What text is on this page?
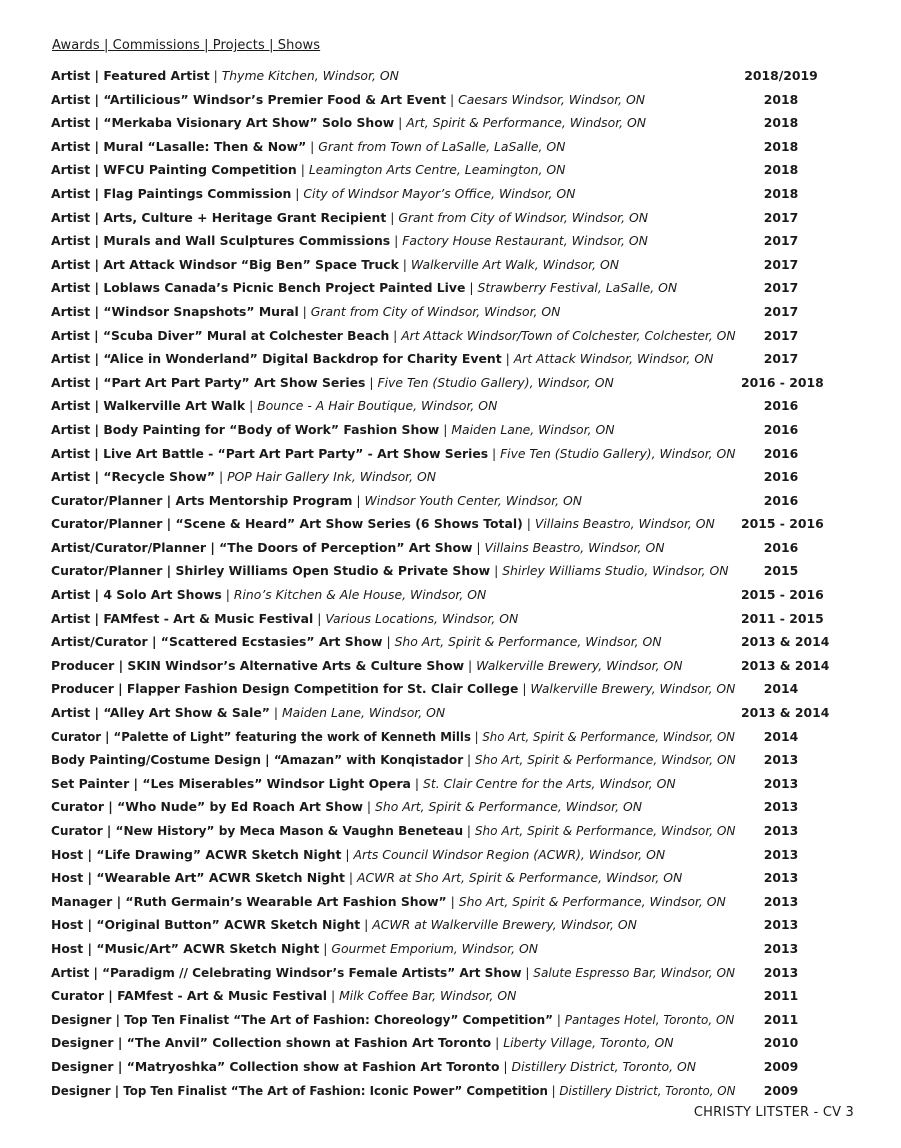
Awards | Commissions | Projects | Shows
Artist | Featured Artist | Thyme Kitchen, Windsor, ON	2018/2019
Artist | “Artilicious” Windsor’s Premier Food & Art Event | Caesars Windsor, Windsor, ON	2018
Artist | “Merkaba Visionary Art Show” Solo Show | Art, Spirit & Performance, Windsor, ON	2018
Artist | Mural “Lasalle: Then & Now” | Grant from Town of LaSalle, LaSalle, ON	2018
Artist | WFCU Painting Competition | Leamington Arts Centre, Leamington, ON	2018
Artist | Flag Paintings Commission | City of Windsor Mayor’s Office, Windsor, ON	2018
Artist | Arts, Culture + Heritage Grant Recipient | Grant from City of Windsor, Windsor, ON	2017
Artist | Murals and Wall Sculptures Commissions | Factory House Restaurant, Windsor, ON	2017
Artist | Art Attack Windsor “Big Ben” Space Truck | Walkerville Art Walk, Windsor, ON	2017
Artist | Loblaws Canada’s Picnic Bench Project Painted Live | Strawberry Festival, LaSalle, ON	2017
Artist | “Windsor Snapshots” Mural | Grant from City of Windsor, Windsor, ON	2017
Artist | “Scuba Diver” Mural at Colchester Beach | Art Attack Windsor/Town of Colchester, Colchester, ON	2017
Artist | “Alice in Wonderland” Digital Backdrop for Charity Event | Art Attack Windsor, Windsor, ON	2017
Artist | “Part Art Part Party” Art Show Series | Five Ten (Studio Gallery), Windsor, ON	2016 - 2018
Artist | Walkerville Art Walk | Bounce - A Hair Boutique, Windsor, ON	2016
Artist | Body Painting for “Body of Work” Fashion Show | Maiden Lane, Windsor, ON	2016
Artist | Live Art Battle - “Part Art Part Party” - Art Show Series | Five Ten (Studio Gallery), Windsor, ON	2016
Artist | “Recycle Show” | POP Hair Gallery Ink, Windsor, ON	2016
Curator/Planner | Arts Mentorship Program | Windsor Youth Center, Windsor, ON	2016
Curator/Planner | “Scene & Heard” Art Show Series (6 Shows Total) | Villains Beastro, Windsor, ON 2015 - 2016
Artist/Curator/Planner | “The Doors of Perception” Art Show | Villains Beastro, Windsor, ON	2016
Curator/Planner | Shirley Williams Open Studio & Private Show | Shirley Williams Studio, Windsor, ON	2015
Artist | 4 Solo Art Shows | Rino’s Kitchen & Ale House, Windsor, ON	2015 - 2016
Artist | FAMfest - Art & Music Festival | Various Locations, Windsor, ON	2011 - 2015
Artist/Curator | “Scattered Ecstasies” Art Show | Sho Art, Spirit & Performance, Windsor, ON	2013 & 2014
Producer | SKIN Windsor’s Alternative Arts & Culture Show | Walkerville Brewery, Windsor, ON	2013 & 2014
Producer | Flapper Fashion Design Competition for St. Clair College | Walkerville Brewery, Windsor, ON	2014
Artist | “Alley Art Show & Sale” | Maiden Lane, Windsor, ON	2013 & 2014
Curator | “Palette of Light” featuring the work of Kenneth Mills | Sho Art, Spirit & Performance, Windsor, ON	2014
Body Painting/Costume Design | “Amazan” with Konqistador | Sho Art, Spirit & Performance, Windsor, ON	2013
Set Painter | “Les Miserables” Windsor Light Opera | St. Clair Centre for the Arts, Windsor, ON	2013
Curator | “Who Nude” by Ed Roach Art Show | Sho Art, Spirit & Performance, Windsor, ON	2013
Curator | “New History” by Meca Mason & Vaughn Beneteau | Sho Art, Spirit & Performance, Windsor, ON	2013
Host | “Life Drawing” ACWR Sketch Night | Arts Council Windsor Region (ACWR), Windsor, ON	2013
Host | “Wearable Art” ACWR Sketch Night | ACWR at Sho Art, Spirit & Performance, Windsor, ON	2013
Manager | “Ruth Germain’s Wearable Art Fashion Show” | Sho Art, Spirit & Performance, Windsor, ON	2013
Host | “Original Button” ACWR Sketch Night | ACWR at Walkerville Brewery, Windsor, ON	2013
Host | “Music/Art” ACWR Sketch Night | Gourmet Emporium, Windsor, ON	2013
Artist | “Paradigm // Celebrating Windsor’s Female Artists” Art Show | Salute Espresso Bar, Windsor, ON	2013
Curator | FAMfest - Art & Music Festival | Milk Coffee Bar, Windsor, ON	2011
Designer | Top Ten Finalist “The Art of Fashion: Choreology” Competition” | Pantages Hotel, Toronto, ON	2011
Designer | “The Anvil” Collection shown at Fashion Art Toronto | Liberty Village, Toronto, ON	2010
Designer | “Matryoshka” Collection show at Fashion Art Toronto | Distillery District, Toronto, ON	2009
Designer | Top Ten Finalist “The Art of Fashion: Iconic Power” Competition | Distillery District, Toronto, ON	2009
CHRISTY LITSTER - CV 3
